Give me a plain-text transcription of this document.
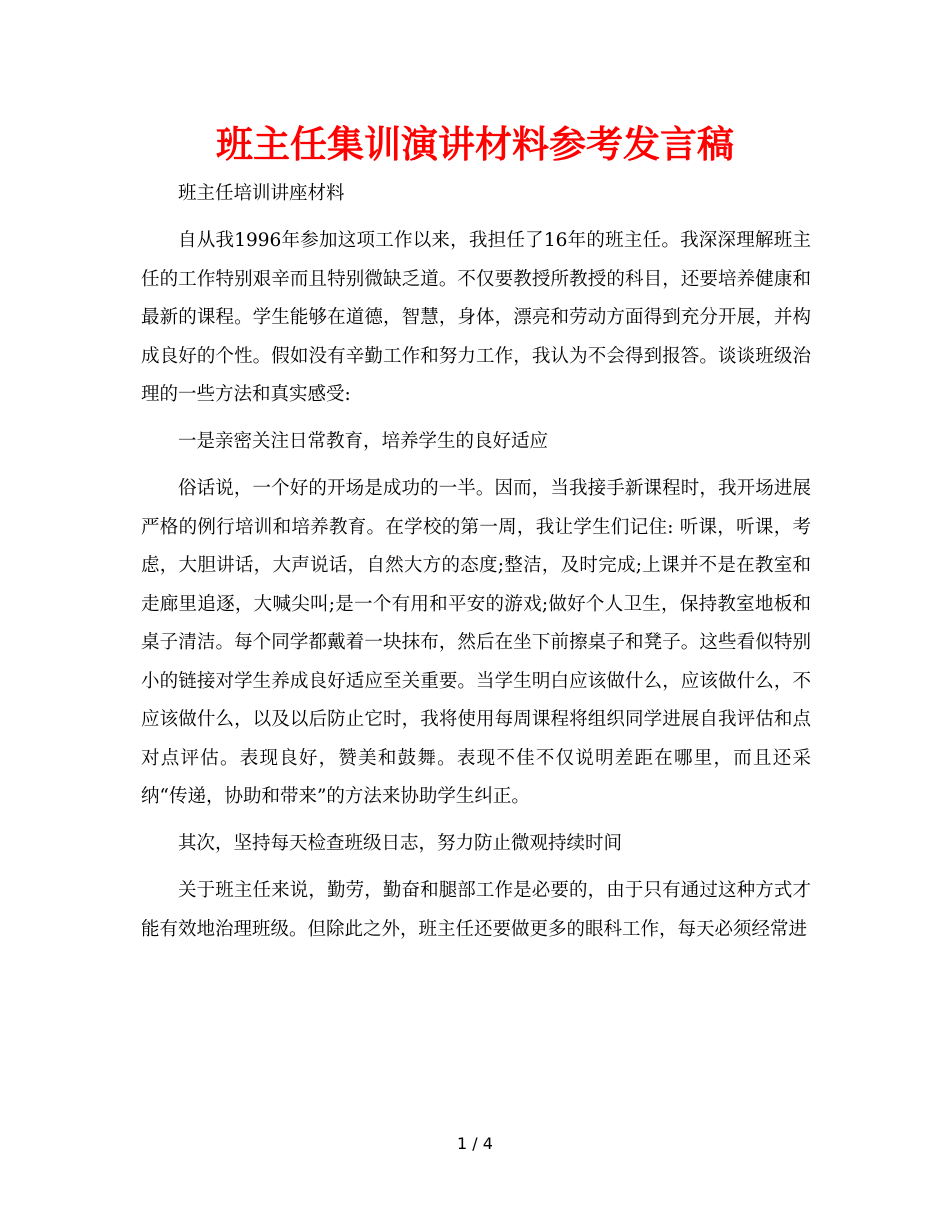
班主任集训演讲材料参考发言稿

班主任培训讲座材料

自从我1996年参加这项工作以来，我担任了16年的班主任。我深深理解班主任的工作特别艰辛而且特别微缺乏道。不仅要教授所教授的科目，还要培养健康和最新的课程。学生能够在道德，智慧，身体，漂亮和劳动方面得到充分开展，并构成良好的个性。假如没有辛勤工作和努力工作，我认为不会得到报答。谈谈班级治理的一些方法和真实感受:

一是亲密关注日常教育，培养学生的良好适应

俗话说，一个好的开场是成功的一半。因而，当我接手新课程时，我开场进展严格的例行培训和培养教育。在学校的第一周，我让学生们记住: 听课，听课，考虑，大胆讲话，大声说话，自然大方的态度;整洁，及时完成;上课并不是在教室和走廊里追逐，大喊尖叫;是一个有用和平安的游戏;做好个人卫生，保持教室地板和桌子清洁。每个同学都戴着一块抹布，然后在坐下前擦桌子和凳子。这些看似特别小的链接对学生养成良好适应至关重要。当学生明白应该做什么，应该做什么，不应该做什么，以及以后防止它时，我将使用每周课程将组织同学进展自我评估和点对点评估。表现良好，赞美和鼓舞。表现不佳不仅说明差距在哪里，而且还采纳“传递，协助和带来”的方法来协助学生纠正。

其次，坚持每天检查班级日志，努力防止微观持续时间

关于班主任来说，勤劳，勤奋和腿部工作是必要的，由于只有通过这种方式才能有效地治理班级。但除此之外，班主任还要做更多的眼科工作，每天必须经常进

1 / 4
